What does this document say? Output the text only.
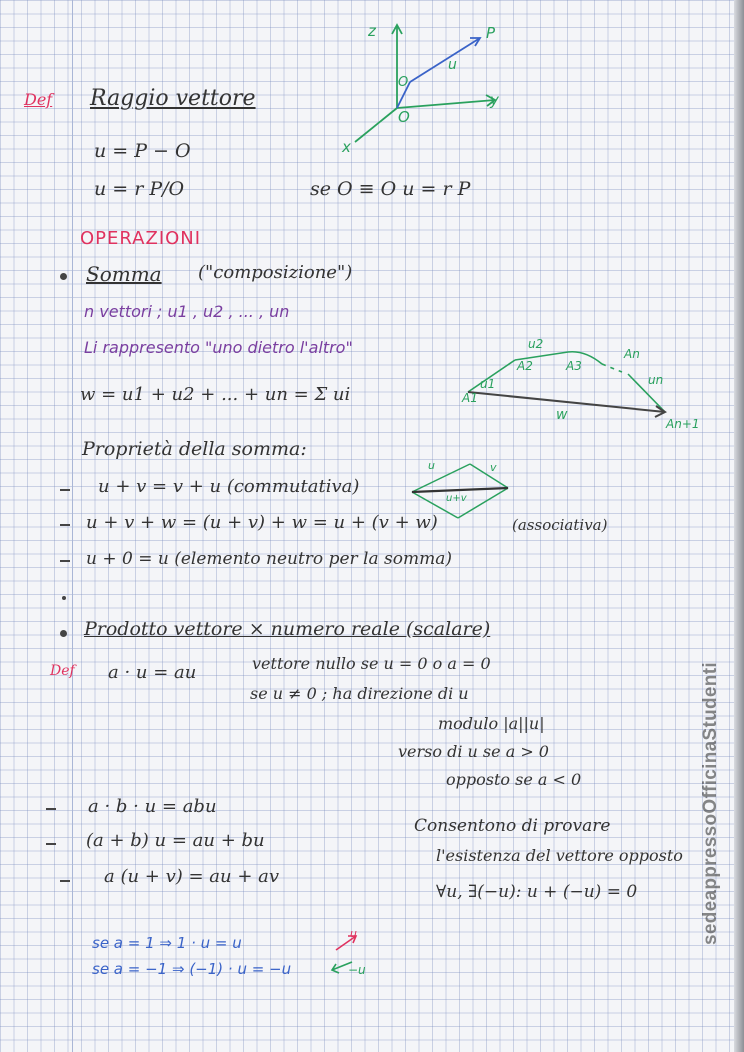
Def Raggio vettore
u = P − O
u = r P/O	se O ≡ O u = r P
z
y
x
O
O
P
u
OPERAZIONI
Somma ("composizione")
n vettori ; u1 , u2 , ... , un
Li rappresento "uno dietro l'altro"
A1
A2	A3
An
An+1
u1
u2
un
w
w = u1 + u2 + ... + un = Σ ui
Proprietà della somma:
u + v = v + u (commutativa)
u	v
u+v
u + v + w = (u + v) + w = u + (v + w)	(associativa)
u + 0 = u (elemento neutro per la somma)
Prodotto vettore × numero reale (scalare)
Def a · u = au	vettore nullo se u = 0 o a = 0
se u ≠ 0 ; ha direzione di u
modulo |a||u|
verso di u se a > 0
opposto se a < 0
a · b · u = abu
(a + b) u = au + bu
a (u + v) = au + av
Consentono di provare
l'esistenza del vettore opposto
∀u, ∃(−u): u + (−u) = 0
se a = 1 ⇒ 1 · u = u
se a = −1 ⇒ (−1) · u = −u
u
−u
sedeappressoOfficinaStudenti
